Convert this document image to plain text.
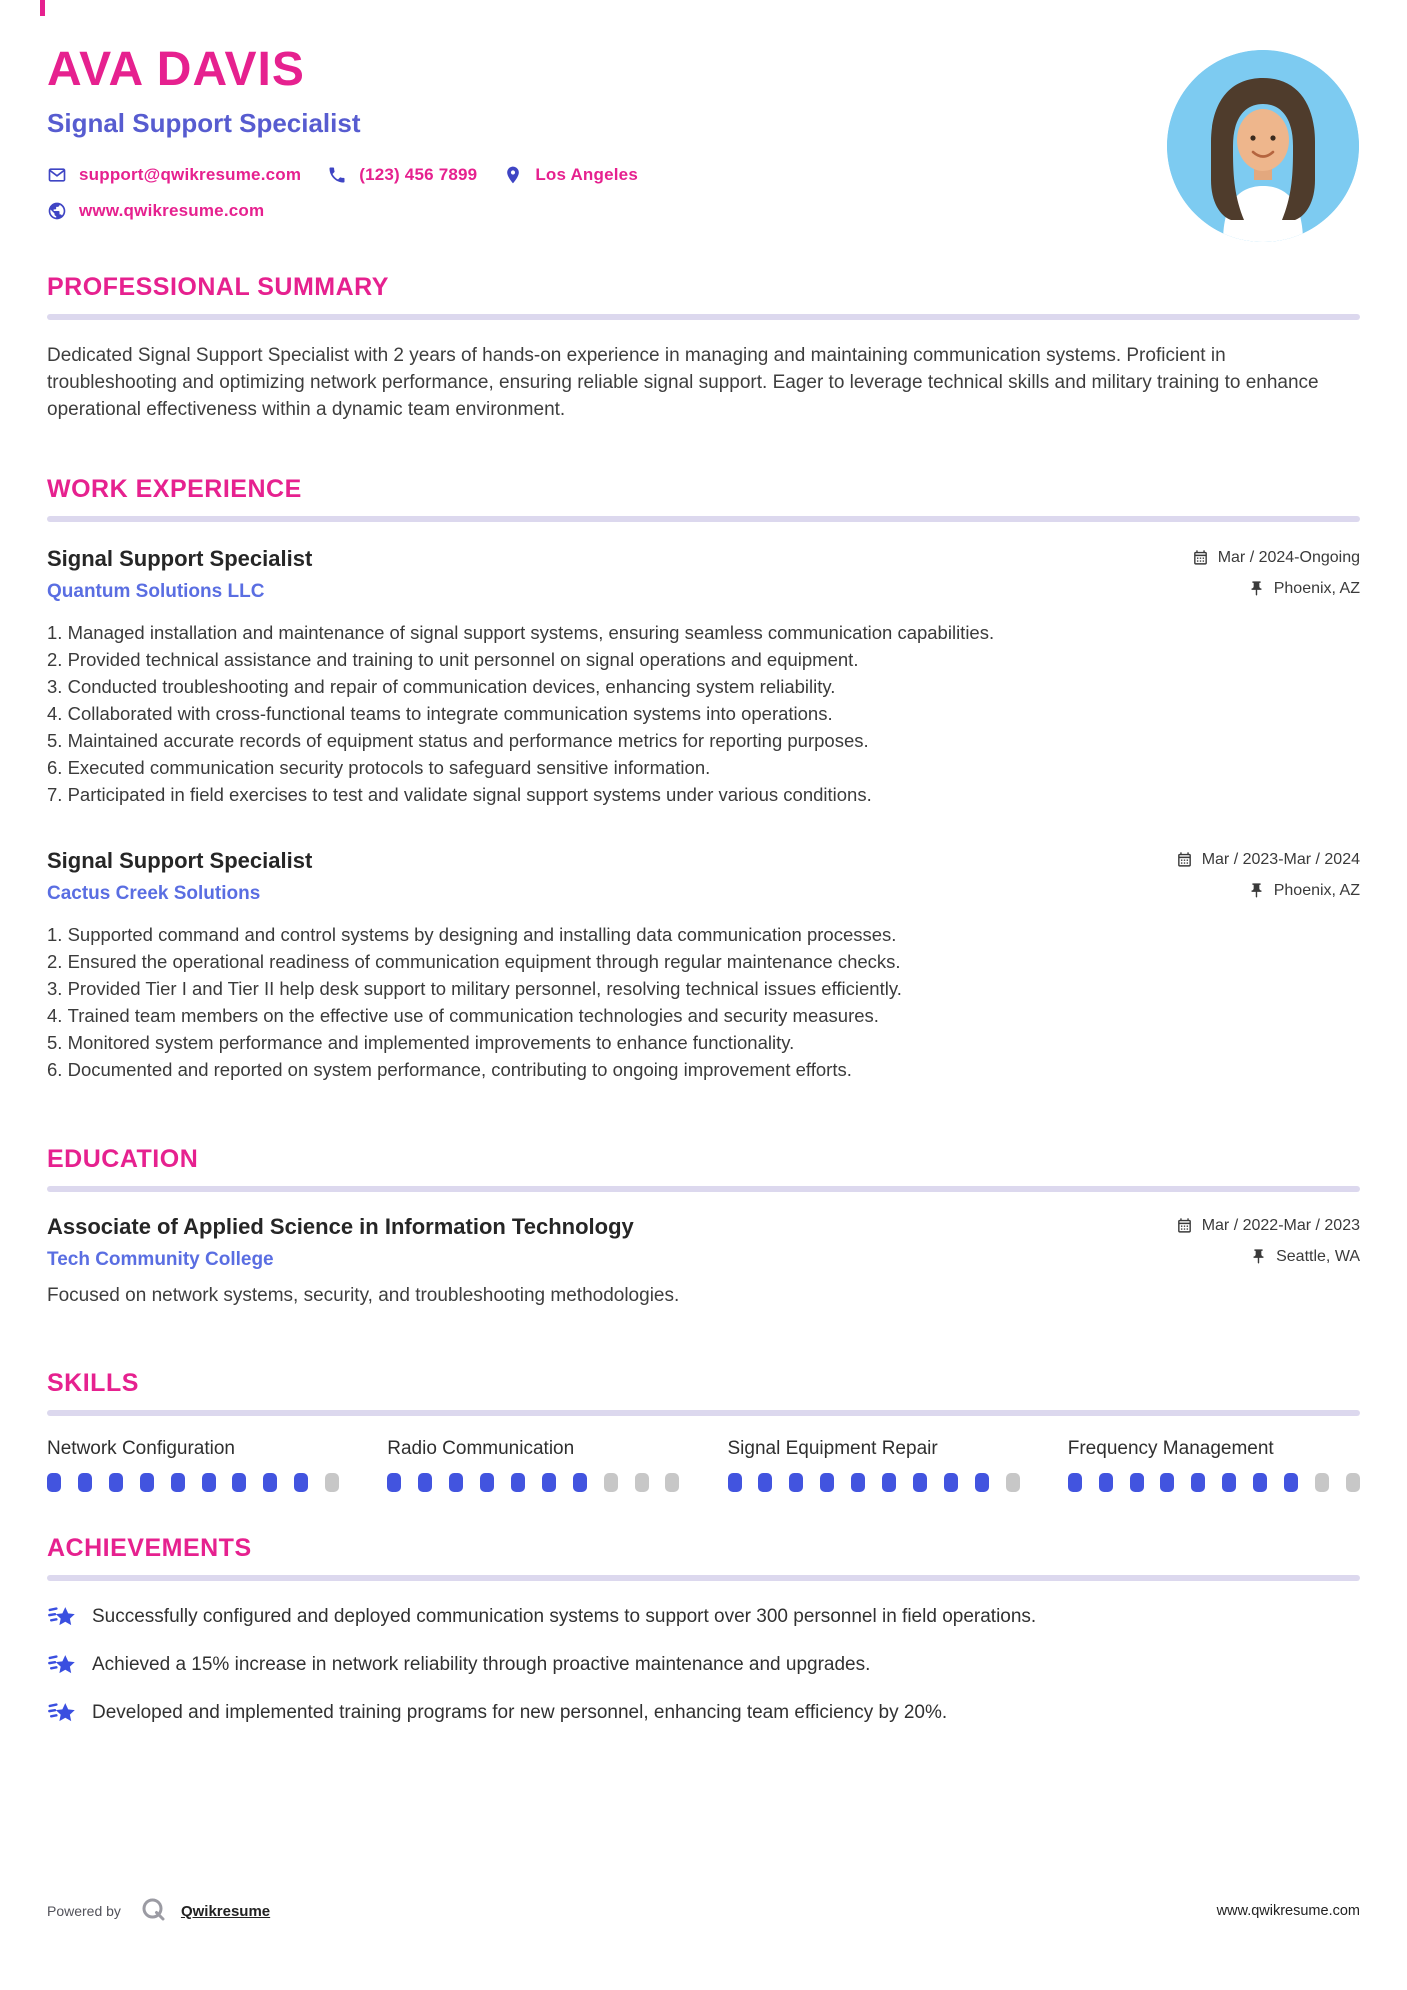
AVA DAVIS
Signal Support Specialist
support@qwikresume.com	(123) 456 7899	Los Angeles
www.qwikresume.com
PROFESSIONAL SUMMARY

Dedicated Signal Support Specialist with 2 years of hands-on experience in managing and maintaining communication systems. Proficient in troubleshooting and optimizing network performance, ensuring reliable signal support. Eager to leverage technical skills and military training to enhance operational effectiveness within a dynamic team environment.

WORK EXPERIENCE
Signal Support Specialist	Mar / 2024-Ongoing
Quantum Solutions LLC	Phoenix, AZ
1. Managed installation and maintenance of signal support systems, ensuring seamless communication capabilities.
2. Provided technical assistance and training to unit personnel on signal operations and equipment.
3. Conducted troubleshooting and repair of communication devices, enhancing system reliability.
4. Collaborated with cross-functional teams to integrate communication systems into operations.
5. Maintained accurate records of equipment status and performance metrics for reporting purposes.
6. Executed communication security protocols to safeguard sensitive information.
7. Participated in field exercises to test and validate signal support systems under various conditions.
Signal Support Specialist	Mar / 2023-Mar / 2024
Cactus Creek Solutions	Phoenix, AZ
1. Supported command and control systems by designing and installing data communication processes.
2. Ensured the operational readiness of communication equipment through regular maintenance checks.
3. Provided Tier I and Tier II help desk support to military personnel, resolving technical issues efficiently.
4. Trained team members on the effective use of communication technologies and security measures.
5. Monitored system performance and implemented improvements to enhance functionality.
6. Documented and reported on system performance, contributing to ongoing improvement efforts.
EDUCATION
Associate of Applied Science in Information Technology	Mar / 2022-Mar / 2023
Tech Community College	Seattle, WA
Focused on network systems, security, and troubleshooting methodologies.
SKILLS
Network Configuration	Radio Communication	Signal Equipment Repair	Frequency Management
ACHIEVEMENTS
Successfully configured and deployed communication systems to support over 300 personnel in field operations.
Achieved a 15% increase in network reliability through proactive maintenance and upgrades.
Developed and implemented training programs for new personnel, enhancing team efficiency by 20%.
Powered by	Qwikresume	www.qwikresume.com
